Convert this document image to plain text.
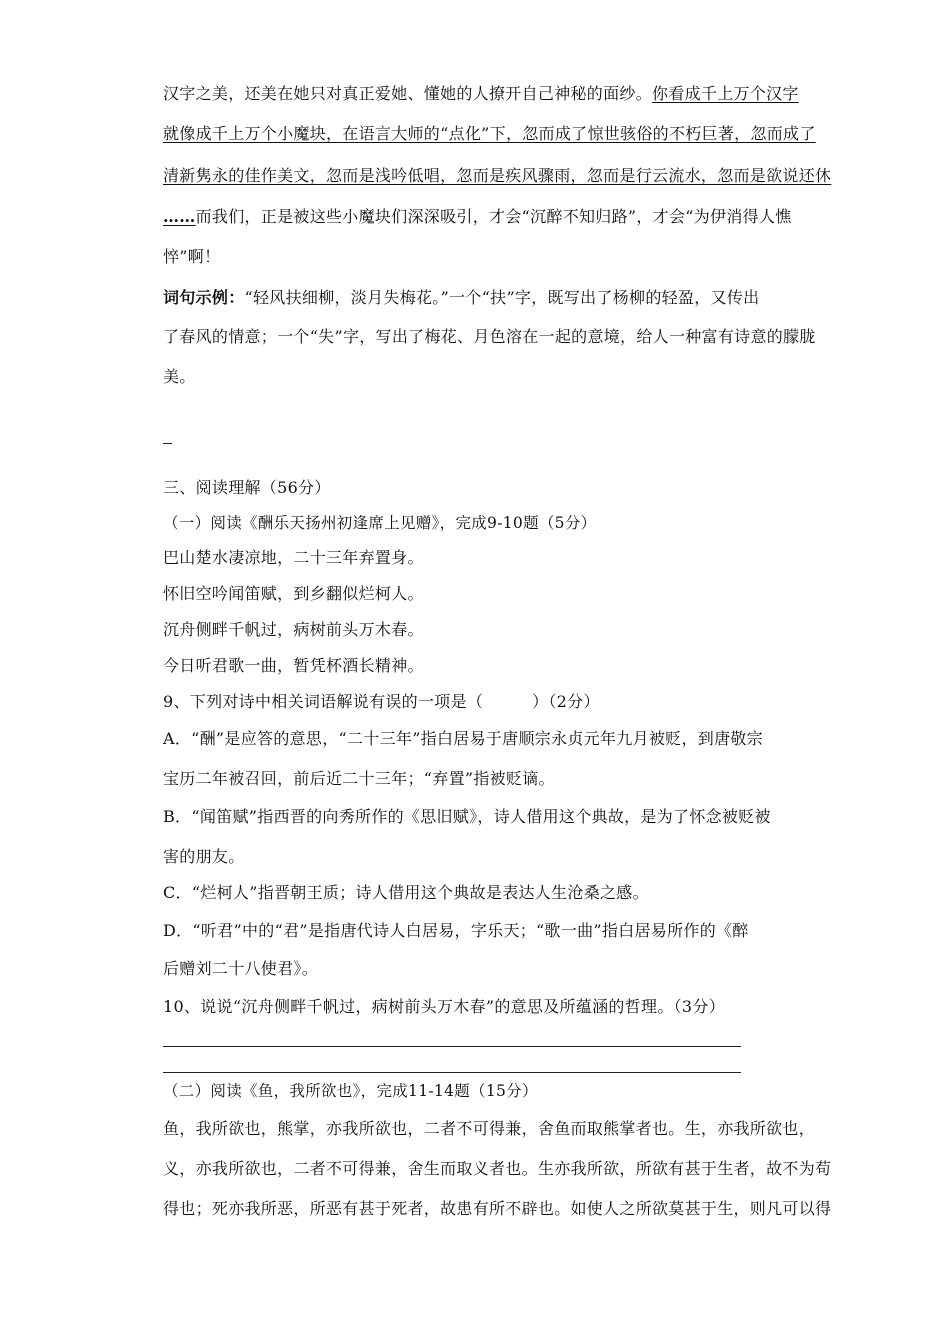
汉字之美，还美在她只对真正爱她、懂她的人撩开自己神秘的面纱。你看成千上万个汉字
就像成千上万个小魔块，在语言大师的“点化”下，忽而成了惊世骇俗的不朽巨著，忽而成了
清新隽永的佳作美文，忽而是浅吟低唱，忽而是疾风骤雨，忽而是行云流水，忽而是欲说还休
……而我们，正是被这些小魔块们深深吸引，才会“沉醉不知归路”，才会“为伊消得人憔
悴”啊！
词句示例：“轻风扶细柳，淡月失梅花。”一个“扶”字，既写出了杨柳的轻盈，又传出
了春风的情意；一个“失”字，写出了梅花、月色溶在一起的意境，给人一种富有诗意的朦胧
美。
三、阅读理解（56分）
（一）阅读《酬乐天扬州初逢席上见赠》，完成9-10题（5分）
巴山楚水凄凉地，二十三年弃置身。
怀旧空吟闻笛赋，到乡翻似烂柯人。
沉舟侧畔千帆过，病树前头万木春。
今日听君歌一曲，暂凭杯酒长精神。
9、下列对诗中相关词语解说有误的一项是（　　　）（2分）
A．“酬”是应答的意思，“二十三年”指白居易于唐顺宗永贞元年九月被贬，到唐敬宗
宝历二年被召回，前后近二十三年；“弃置”指被贬谪。
B．“闻笛赋”指西晋的向秀所作的《思旧赋》，诗人借用这个典故，是为了怀念被贬被
害的朋友。
C．“烂柯人”指晋朝王质；诗人借用这个典故是表达人生沧桑之感。
D．“听君”中的“君”是指唐代诗人白居易，字乐天；“歌一曲”指白居易所作的《醉
后赠刘二十八使君》。
10、说说“沉舟侧畔千帆过，病树前头万木春”的意思及所蕴涵的哲理。（3分）
（二）阅读《鱼，我所欲也》，完成11-14题（15分）
鱼，我所欲也，熊掌，亦我所欲也，二者不可得兼，舍鱼而取熊掌者也。生，亦我所欲也，
义，亦我所欲也，二者不可得兼，舍生而取义者也。生亦我所欲，所欲有甚于生者，故不为苟
得也；死亦我所恶，所恶有甚于死者，故患有所不辟也。如使人之所欲莫甚于生，则凡可以得
